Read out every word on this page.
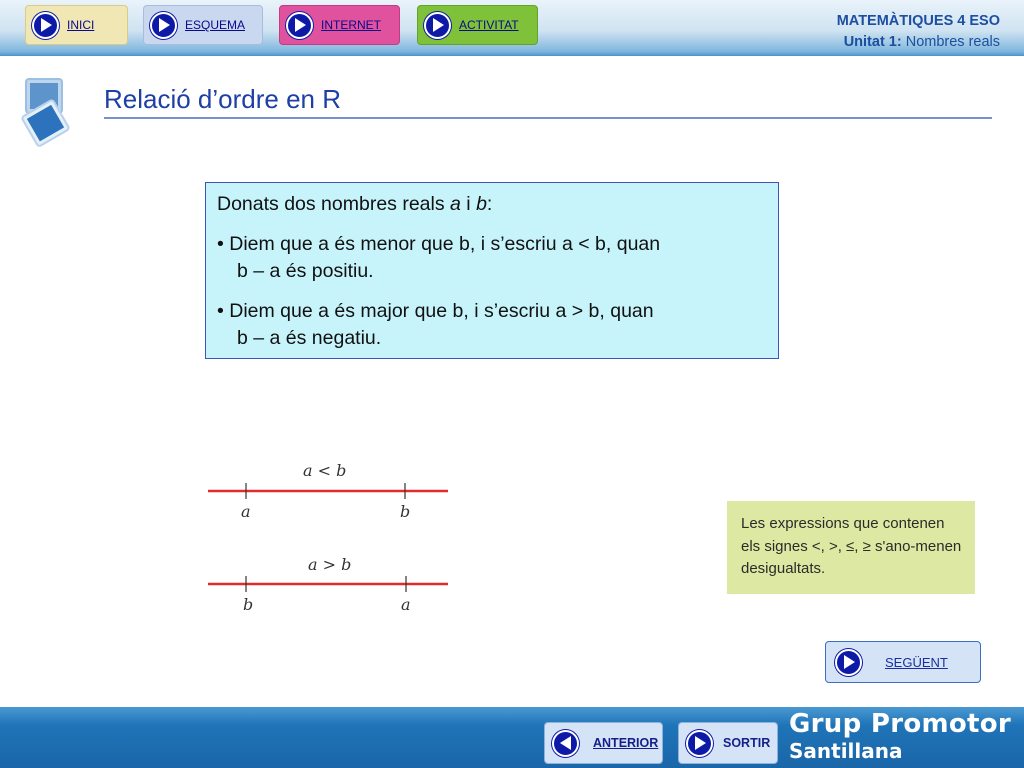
INICI	ESQUEMA	INTERNET	ACTIVITAT	MATEMÀTIQUES 4 ESO
Unitat 1: Nombres reals
Relació d’ordre en R

Donats dos nombres reals a i b:

• Diem que a és menor que b, i s’escriu a < b, quan
b – a és positiu.

• Diem que a és major que b, i s’escriu a > b, quan
b – a és negatiu.

a < b
a	b
a > b
b	a
Les expressions que contenen els signes <, >, ≤, ≥ s'ano-menen desigualtats.
SEGÜENT
ANTERIOR	SORTIR
Grup Promotor
Santillana
